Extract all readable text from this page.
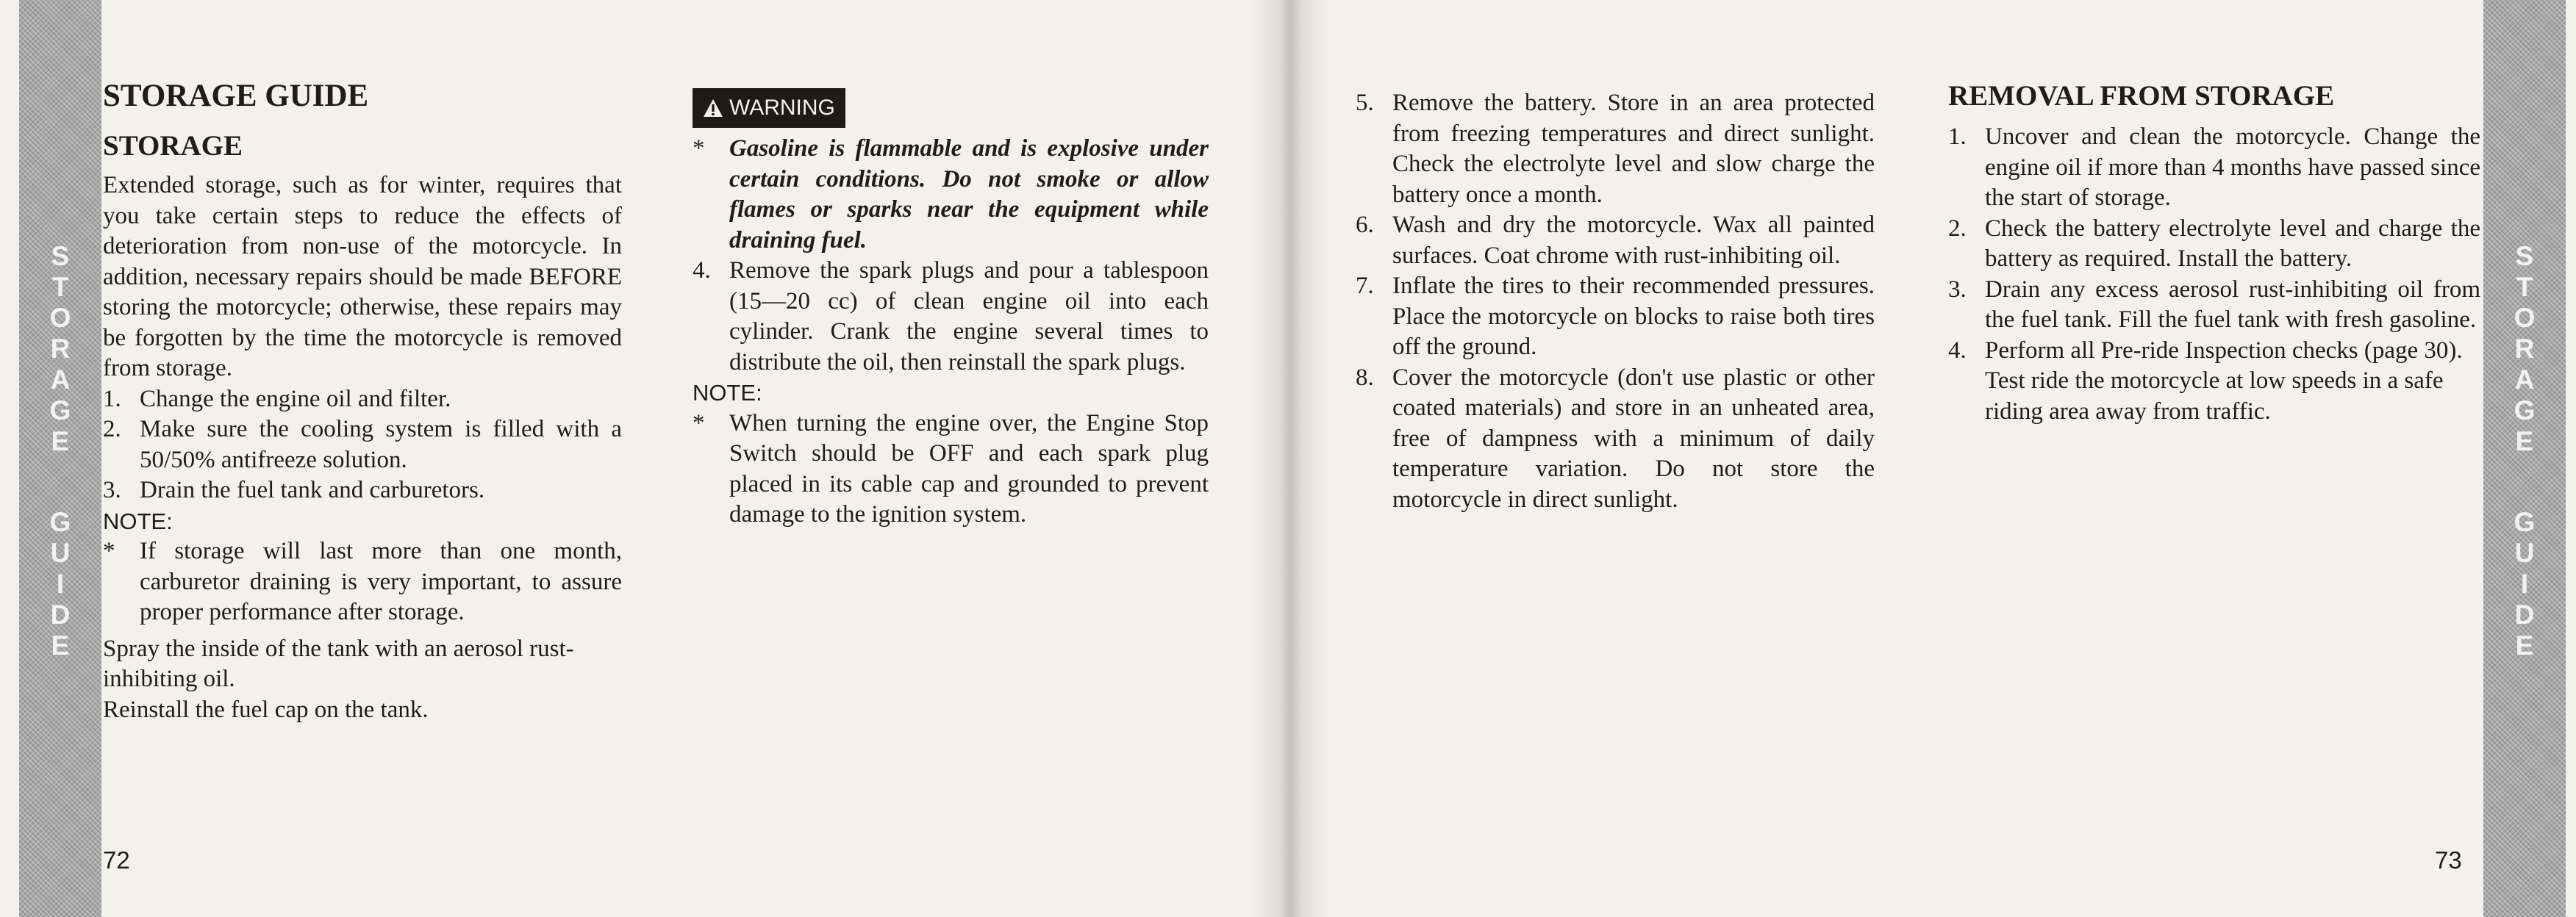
S
T
O
R
A
G
E
G
U
I
D
E
STORAGE GUIDE
STORAGE

Extended storage, such as for winter, requires that you take certain steps to reduce the effects of deterioration from non-use of the motorcycle. In addition, necessary repairs should be made BEFORE storing the motorcycle; otherwise, these repairs may be forgotten by the time the motorcycle is removed from storage.

1. Change the engine oil and filter.
2. Make sure the cooling system is filled with a 50/50% antifreeze solution.
3. Drain the fuel tank and carburetors.
NOTE:
*	If storage will last more than one month, carburetor draining is very important, to assure proper performance after storage.

Spray the inside of the tank with an aerosol rust-inhibiting oil.

Reinstall the fuel cap on the tank.

WARNING
*	Gasoline is flammable and is explosive under certain conditions. Do not smoke or allow flames or sparks near the equipment while draining fuel.
4. Remove the spark plugs and pour a tablespoon (15—20 cc) of clean engine oil into each cylinder. Crank the engine several times to distribute the oil, then reinstall the spark plugs.
NOTE:
*	When turning the engine over, the Engine Stop Switch should be OFF and each spark plug placed in its cable cap and grounded to prevent damage to the ignition system.
72
5. Remove the battery. Store in an area protected from freezing temperatures and direct sunlight. Check the electrolyte level and slow charge the battery once a month.
6. Wash and dry the motorcycle. Wax all painted surfaces. Coat chrome with rust-inhibiting oil.
7. Inflate the tires to their recommended pressures. Place the motorcycle on blocks to raise both tires off the ground.
8. Cover the motorcycle (don't use plastic or other coated materials) and store in an unheated area, free of dampness with a minimum of daily temperature variation. Do not store the motorcycle in direct sunlight.
REMOVAL FROM STORAGE
1. Uncover and clean the motorcycle. Change the engine oil if more than 4 months have passed since the start of storage.
2. Check the battery electrolyte level and charge the battery as required. Install the battery.
3. Drain any excess aerosol rust-inhibiting oil from the fuel tank. Fill the fuel tank with fresh gasoline.
4. Perform all Pre-ride Inspection checks (page 30).

Test ride the motorcycle at low speeds in a safe riding area away from traffic.

73
S
T
O
R
A
G
E
G
U
I
D
E
